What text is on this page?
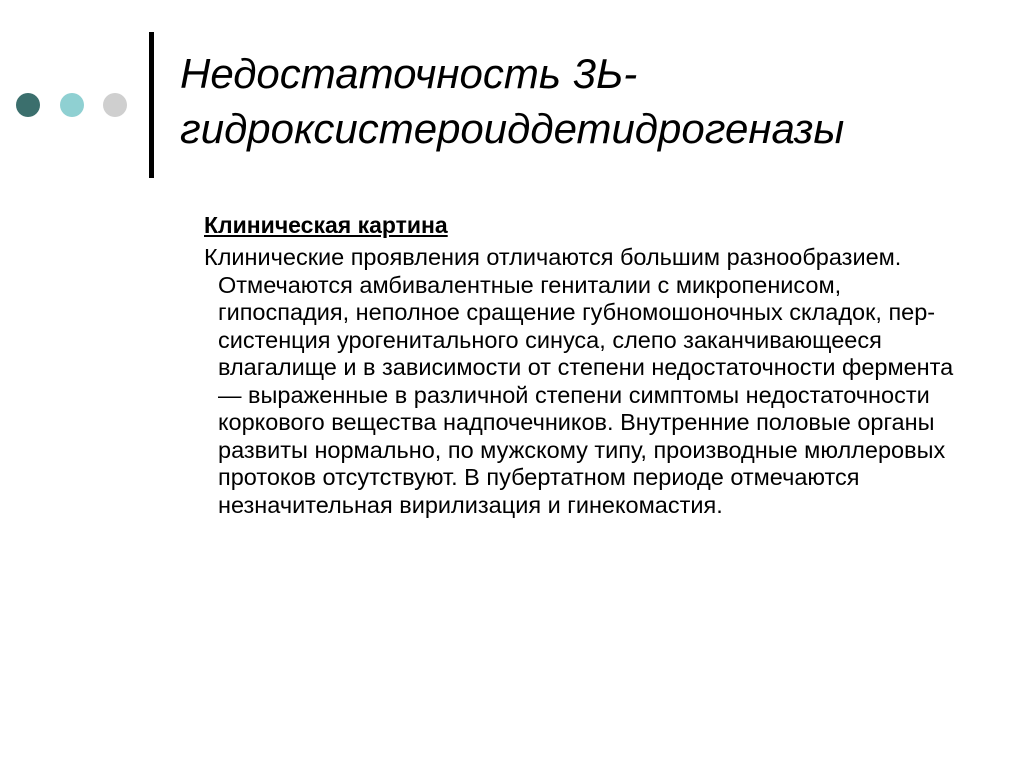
Недостаточность 3Ь-гидроксистероиддетидрогеназы
Клиническая картина

Клинические проявления отличаются большим разнообразием. Отмечаются амбивалентные гениталии с микропенисом, гипоспадия, неполное сращение губномошоночных складок, пер-систенция урогенитального синуса, слепо заканчивающееся влагалище и в зависимости от степени недостаточности фермента — выраженные в различной степени симптомы недостаточности коркового вещества надпочечников. Внутренние половые органы развиты нормально, по мужскому типу, производные мюллеровых протоков отсутствуют. В пубертатном периоде отмечаются незначительная вирилизация и гинекомастия.
